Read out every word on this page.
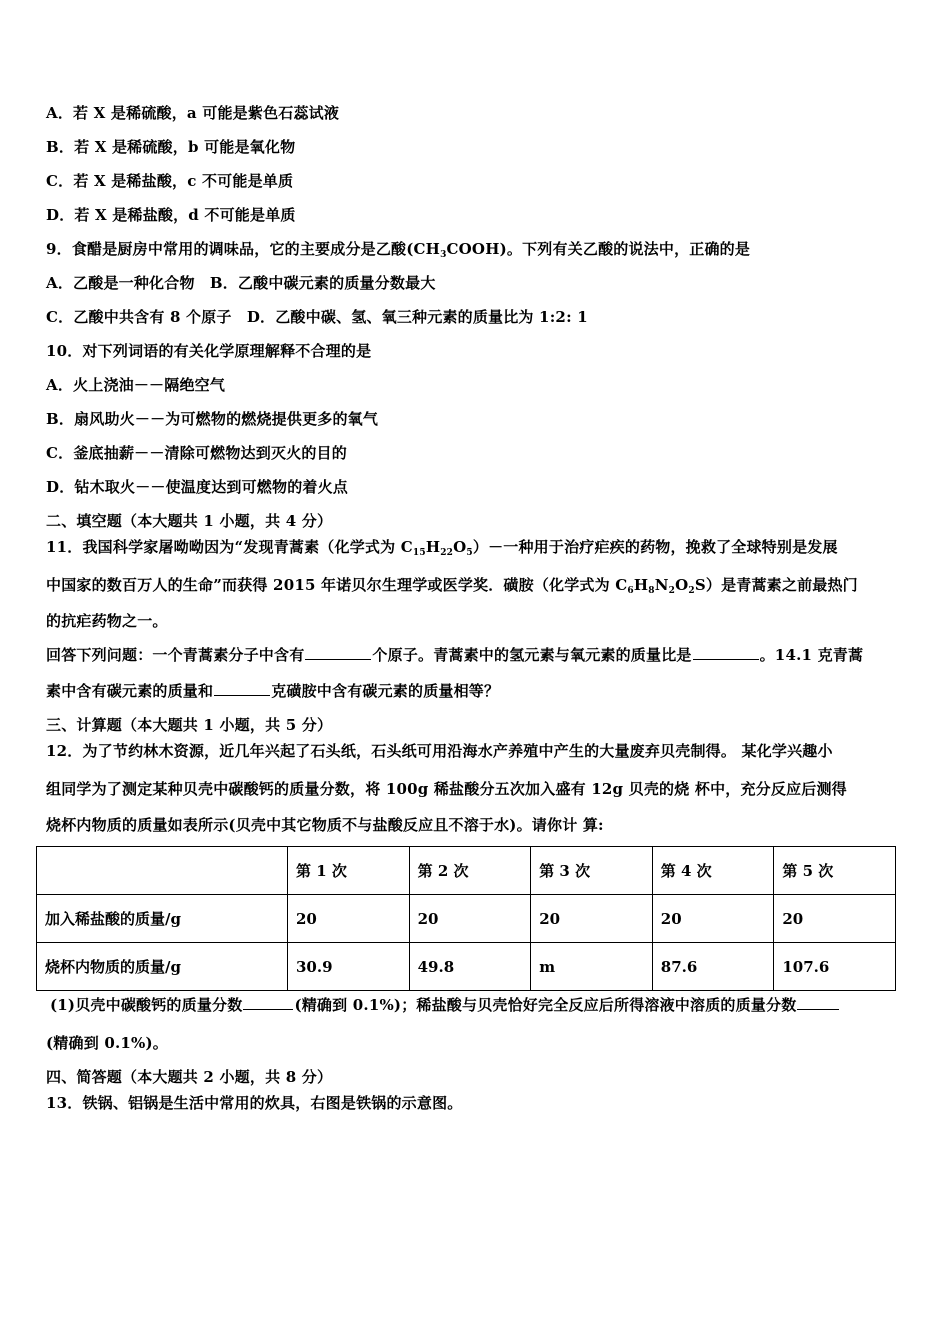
A．若 X 是稀硫酸，a 可能是紫色石蕊试液
B．若 X 是稀硫酸，b 可能是氧化物
C．若 X 是稀盐酸，c 不可能是单质
D．若 X 是稀盐酸，d 不可能是单质
9．食醋是厨房中常用的调味品，它的主要成分是乙酸$(CH_3COOH)$。下列有关乙酸的说法中，正确的是
A．乙酸是一种化合物　B．乙酸中碳元素的质量分数最大
C．乙酸中共含有 8 个原子　D．乙酸中碳、氢、氧三种元素的质量比为 1:2: 1
10．对下列词语的有关化学原理解释不合理的是
A．火上浇油－－隔绝空气
B．扇风助火－－为可燃物的燃烧提供更多的氧气
C．釜底抽薪－－清除可燃物达到灭火的目的
D．钻木取火－－使温度达到可燃物的着火点
二、填空题（本大题共 1 小题，共 4 分）
11．我国科学家屠呦呦因为“发现青蒿素（化学式为 $C_{15}H_{22}O_5)-$一种用于治疗疟疾的药物，挽救了全球特别是发展
中国家的数百万人的生命”而获得 2015 年诺贝尔生理学或医学奖．磺胺（化学式为 $C_6H_8N_2O_2S$）是青蒿素之前最热门
的抗疟药物之一。
回答下列问题：一个青蒿素分子中含有	个原子。青蒿素中的氢元素与氧元素的质量比是	。14.1 克青蒿
素中含有碳元素的质量和	克磺胺中含有碳元素的质量相等？
三、计算题（本大题共 1 小题，共 5 分）
12．为了节约林木资源，近几年兴起了石头纸，石头纸可用沿海水产养殖中产生的大量废弃贝壳制得。 某化学兴趣小
组同学为了测定某种贝壳中碳酸钙的质量分数，将 100g 稀盐酸分五次加入盛有 12g 贝壳的烧 杯中，充分反应后测得
烧杯内物质的质量如表所示(贝壳中其它物质不与盐酸反应且不溶于水)。请你计 算:
	第 1 次	第 2 次	第 3 次	第 4 次	第 5 次
加入稀盐酸的质量/g	20	20	20	20	20
烧杯内物质的质量/g	30.9	49.8	m	87.6	107.6
(1)贝壳中碳酸钙的质量分数	(精确到 0.1%)；稀盐酸与贝壳恰好完全反应后所得溶液中溶质的质量分数
(精确到 0.1%)。
四、简答题（本大题共 2 小题，共 8 分）
13．铁锅、铝锅是生活中常用的炊具，右图是铁锅的示意图。
